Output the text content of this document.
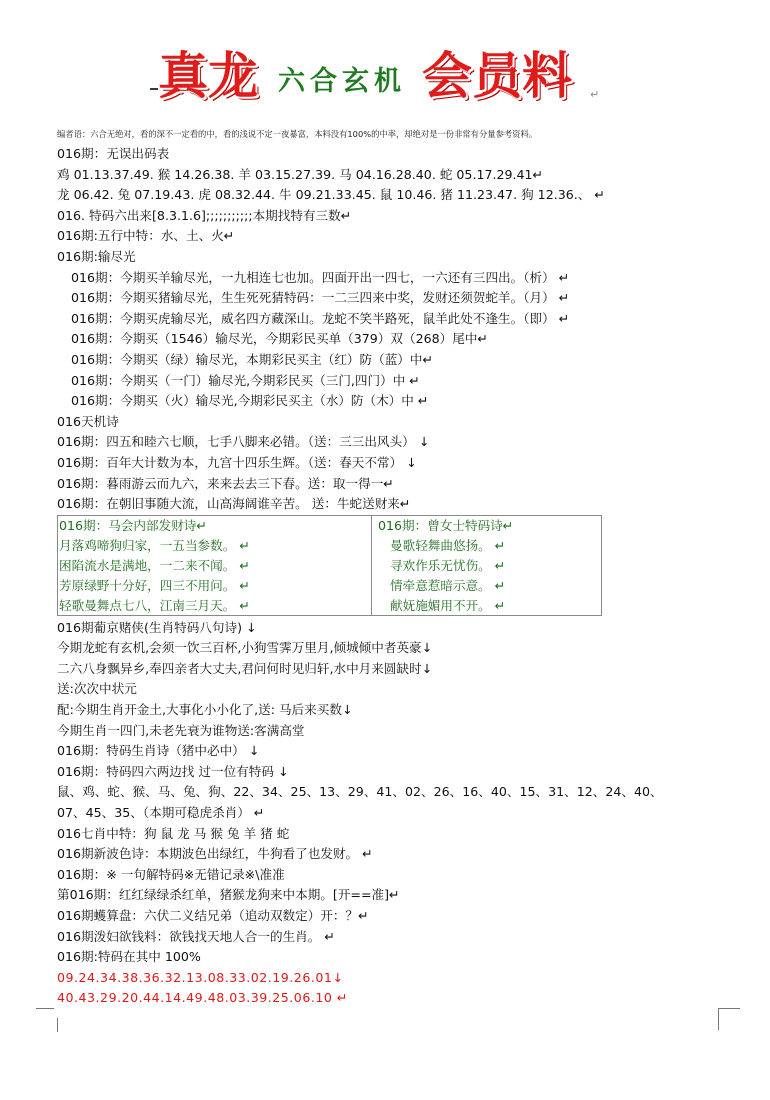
真龙 六合玄机 会员料 ↵
编者语：六合无绝对，看的深不一定看的中，看的浅说不定一夜暴富，本料没有100%的中率，却绝对是一份非常有分量参考资料。
016期：无误出码表
鸡 01.13.37.49. 猴 14.26.38. 羊 03.15.27.39. 马 04.16.28.40. 蛇 05.17.29.41↵
龙 06.42. 兔 07.19.43. 虎 08.32.44. 牛 09.21.33.45. 鼠 10.46. 猪 11.23.47. 狗 12.36.、 ↵
016. 特码六出来[8.3.1.6];;;;;;;;;;;本期找特有三数↵
016期:五行中特：水、土、火↵
016期:输尽光
016期：今期买羊输尽光，一九相连七也加。四面开出一四七，一六还有三四出。（析） ↵
016期：今期买猪输尽光，生生死死猜特码：一二三四来中奖，发财还须贺蛇羊。（月） ↵
016期：今期买虎输尽光，威名四方藏深山。龙蛇不笑半路死，鼠羊此处不逢生。（即） ↵
016期：今期买（1546）输尽光，今期彩民买单（379）双（268）尾中↵
016期：今期买（绿）输尽光，本期彩民买主（红）防（蓝）中↵
016期：今期买（一门）输尽光,今期彩民买（三门,四门）中 ↵
016期：今期买（火）输尽光,今期彩民买主（水）防（木）中 ↵
016天机诗
016期：四五和睦六七顺，七手八脚来必错。（送：三三出风头） ↓
016期：百年大计数为本，九宫十四乐生辉。（送：春天不常） ↓
016期：暮雨游云而九六，来来去去三下春。送：取一得一↵
016期：在朝旧事随大流，山高海阔谁辛苦。 送：牛蛇送财来↵
016期：马会内部发财诗↵
月落鸡啼狗归家，一五当参数。 ↵
困陷流水是满地，一二来不闻。 ↵
芳原绿野十分好，四三不用问。 ↵
轻歌曼舞点七八，江南三月天。 ↵
016期：曾女士特码诗↵
曼歌轻舞曲悠扬。 ↵
寻欢作乐无忧伤。 ↵
情牵意惹暗示意。 ↵
献妩施媚用不开。 ↵
016期葡京赌侠(生肖特码八句诗) ↓
今期龙蛇有玄机,会须一饮三百杯,小狗雪霁万里月,倾城倾中者英豪↓
二六八身飘异乡,奉四亲者大丈夫,君问何时见归轩,水中月来圆缺时↓
送:次次中状元
配:今期生肖开金土,大事化小小化了,送: 马后来买数↓
今期生肖一四门,未老先衰为谁物送:客满高堂
016期：特码生肖诗（猪中必中） ↓
016期：特码四六两边找 过一位有特码 ↓
鼠、鸡、蛇、猴、马、兔、狗、22、34、25、13、29、41、02、26、16、40、15、31、12、24、40、
07、45、35、（本期可稳虎杀肖） ↵
016七肖中特：狗 鼠 龙 马 猴 兔 羊 猪 蛇
016期新波色诗：本期波色出绿红，牛狗看了也发财。 ↵
016期：※ 一句解特码※无错记录※\准准
第016期：红红绿绿杀红单，猪猴龙狗来中本期。[开==准]↵
016期蠖算盘：六伏二义结兄弟（追动双数定）开：？↵
016期泼妇欲钱料：欲钱找天地人合一的生肖。 ↵
016期:特码在其中 100%
09.24.34.38.36.32.13.08.33.02.19.26.01↓
40.43.29.20.44.14.49.48.03.39.25.06.10 ↵
